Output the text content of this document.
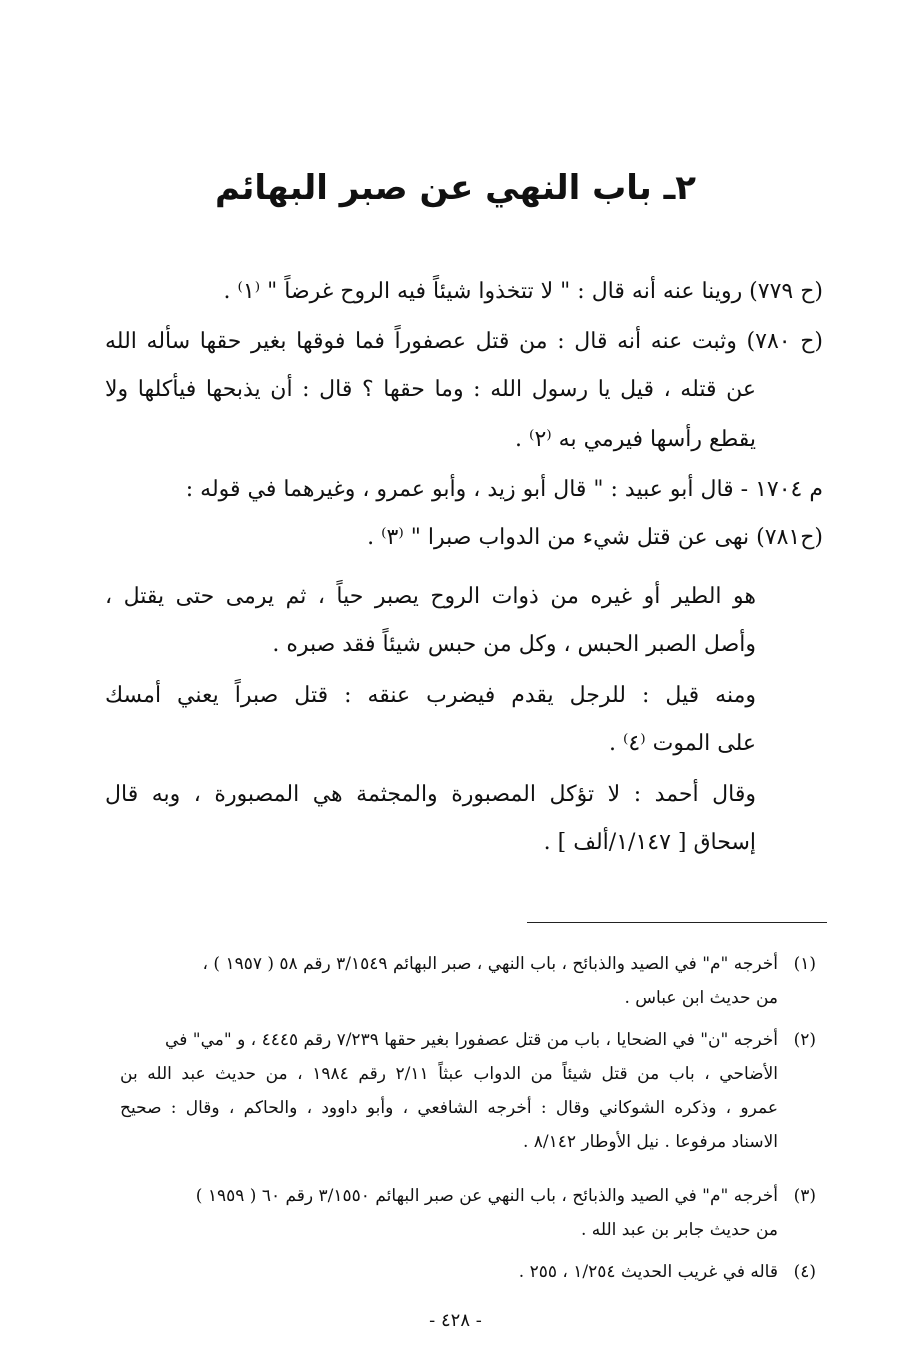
٢ـ باب النهي عن صبر البهائم

(ح ٧٧٩) روينا عنه أنه قال : " لا تتخذوا شيئاً فيه الروح غرضاً " ⁽١⁾ .

(ح ٧٨٠) وثبت عنه أنه قال : من قتل عصفوراً فما فوقها بغير حقها سأله الله

عن قتله ، قيل يا رسول الله : وما حقها ؟ قال : أن يذبحها فيأكلها ولا

يقطع رأسها فيرمي به ⁽٢⁾ .

م ١٧٠٤ - قال أبو عبيد : " قال أبو زيد ، وأبو عمرو ، وغيرهما في قوله :

(ح٧٨١) نهى عن قتل شيء من الدواب صبرا " ⁽٣⁾ .

هو الطير أو غيره من ذوات الروح يصبر حياً ، ثم يرمى حتى يقتل ،

وأصل الصبر الحبس ، وكل من حبس شيئاً فقد صبره .

ومنه قيل : للرجل يقدم فيضرب عنقه : قتل صبراً يعني أمسك

على الموت ⁽٤⁾ .

وقال أحمد : لا تؤكل المصبورة والمجثمة هي المصبورة ، وبه قال

إسحاق [ ١/١٤٧/ألف ] .

(١)
أخرجه "م" في الصيد والذبائح ، باب النهي ، صبر البهائم ٣/١٥٤٩ رقم ٥٨ ( ١٩٥٧ ) ،
من حديث ابن عباس .
(٢)
أخرجه "ن" في الضحايا ، باب من قتل عصفورا بغير حقها ٧/٢٣٩ رقم ٤٤٤٥ ، و "مي" في
الأضاحي ، باب من قتل شيئاً من الدواب عبثاً ٢/١١ رقم ١٩٨٤ ، من حديث عبد الله بن
عمرو ، وذكره الشوكاني وقال : أخرجه الشافعي ، وأبو داوود ، والحاكم ، وقال : صحيح
الاسناد مرفوعا . نيل الأوطار ٨/١٤٢ .
(٣)
أخرجه "م" في الصيد والذبائح ، باب النهي عن صبر البهائم ٣/١٥٥٠ رقم ٦٠ ( ١٩٥٩ )
من حديث جابر بن عبد الله .
(٤)
قاله في غريب الحديث ١/٢٥٤ ، ٢٥٥ .
- ٤٢٨ -
